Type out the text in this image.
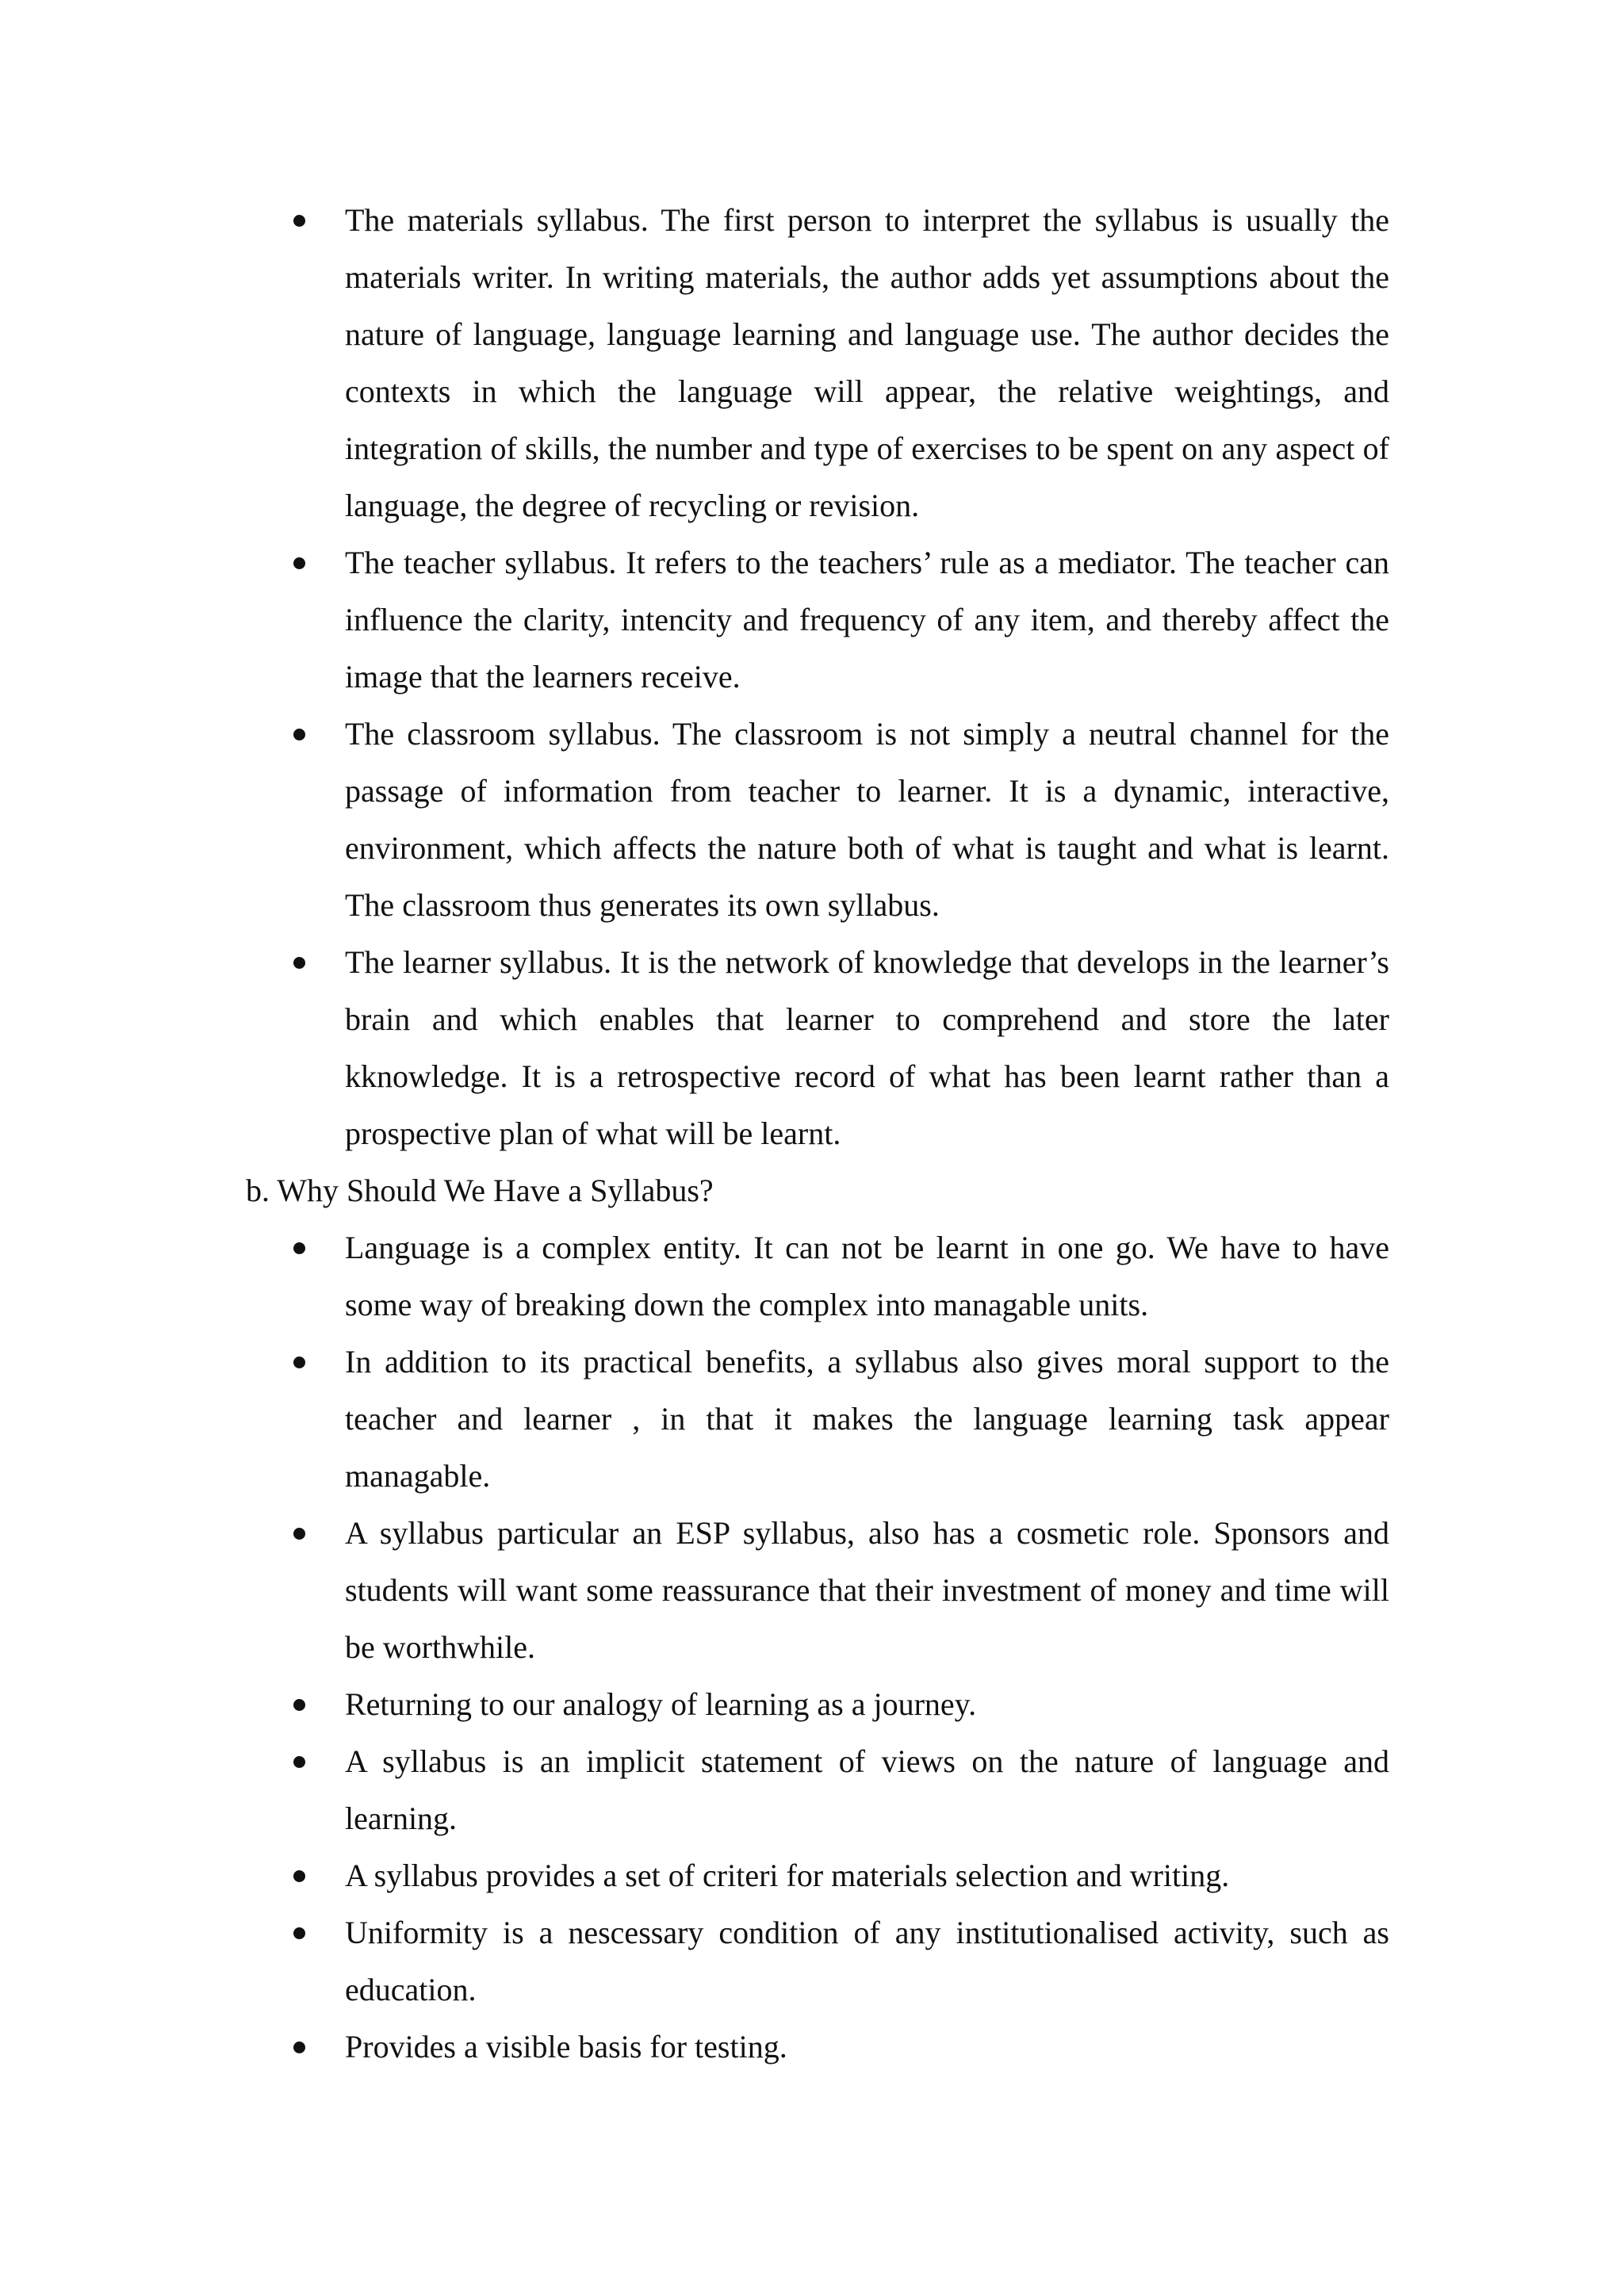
The materials syllabus. The first person to interpret the syllabus is usually the materials writer. In writing materials, the author adds yet assumptions about the nature of language, language learning and language use. The author decides the contexts in which the language will appear, the relative weightings, and integration of skills, the number and type of exercises to be spent on any aspect of language, the degree of recycling or revision.
The teacher syllabus. It refers to the teachers’ rule as a mediator. The teacher can influence the clarity, intencity and frequency of any item, and thereby affect the image that the learners receive.
The classroom syllabus. The classroom is not simply a neutral channel for the passage of information from teacher to learner. It is a dynamic, interactive, environment, which affects the nature both of what is taught and what is learnt. The classroom thus generates its own syllabus.
The learner syllabus. It is the network of knowledge that develops in the learner’s brain and which enables that learner to comprehend and store the later kknowledge. It is a retrospective record of what has been learnt rather than a prospective plan of what will be learnt.

b. Why Should We Have a Syllabus?

Language is a complex entity. It can not be learnt in one go. We have to have some way of breaking down the complex into managable units.
In addition to its practical benefits, a syllabus also gives moral support to the teacher and learner , in that it makes the language learning task appear managable.
A syllabus particular an ESP syllabus, also has a cosmetic role. Sponsors and students will want some reassurance that their investment of money and time will be worthwhile.
Returning to our analogy of learning as a journey.
A syllabus is an implicit statement of views on the nature of language and learning.
A syllabus provides a set of criteri for materials selection and writing.
Uniformity is a nescessary condition of any institutionalised activity, such as education.
Provides a visible basis for testing.
